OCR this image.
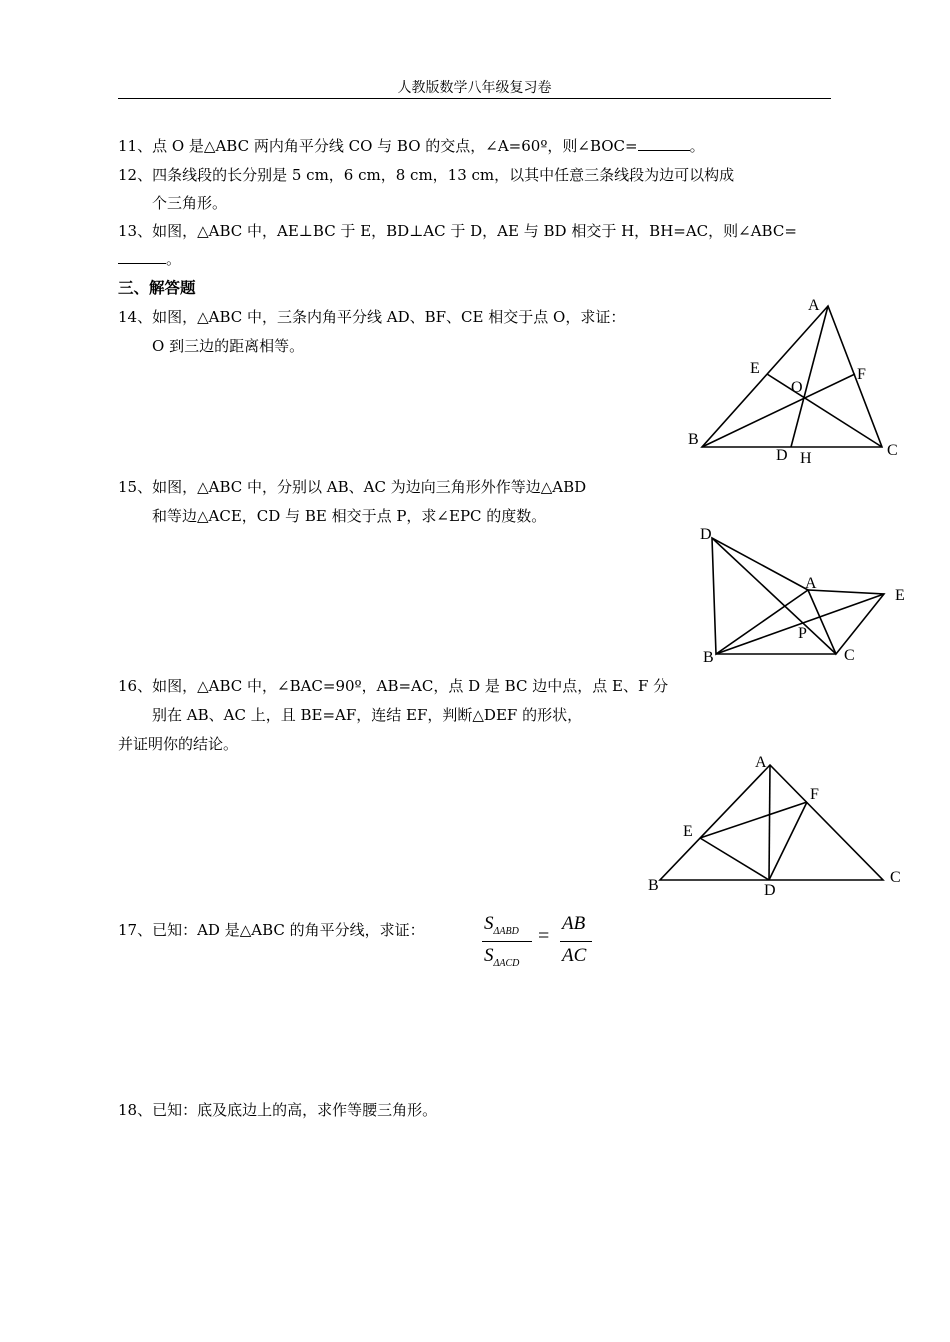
人教版数学八年级复习卷
11、点 O 是△ABC 两内角平分线 CO 与 BO 的交点，∠A=60º，则∠BOC=	。
12、四条线段的长分别是 5 cm，6 cm，8 cm，13 cm，以其中任意三条线段为边可以构成
个三角形。
13、如图，△ABC 中，AE⊥BC 于 E，BD⊥AC 于 D，AE 与 BD 相交于 H，BH=AC，则∠ABC=
。
三、解答题
14、如图，△ABC 中，三条内角平分线 AD、BF、CE 相交于点 O，求证：
O 到三边的距离相等。
A
B
C
D H
E	F
O
15、如图，△ABC 中，分别以 AB、AC 为边向三角形外作等边△ABD
和等边△ACE，CD 与 BE 相交于点 P，求∠EPC 的度数。
D
A
E
P
B	C
16、如图，△ABC 中，∠BAC=90º，AB=AC，点 D 是 BC 边中点，点 E、F 分
别在 AB、AC 上，且 BE=AF，连结 EF，判断△DEF 的形状，
并证明你的结论。
A
F
E
B	D
C
17、已知：AD 是△ABC 的角平分线，求证：	$S_{\Delta ABD}$
$S_{\Delta ACD}$
=
AB
AC
18、已知：底及底边上的高，求作等腰三角形。
